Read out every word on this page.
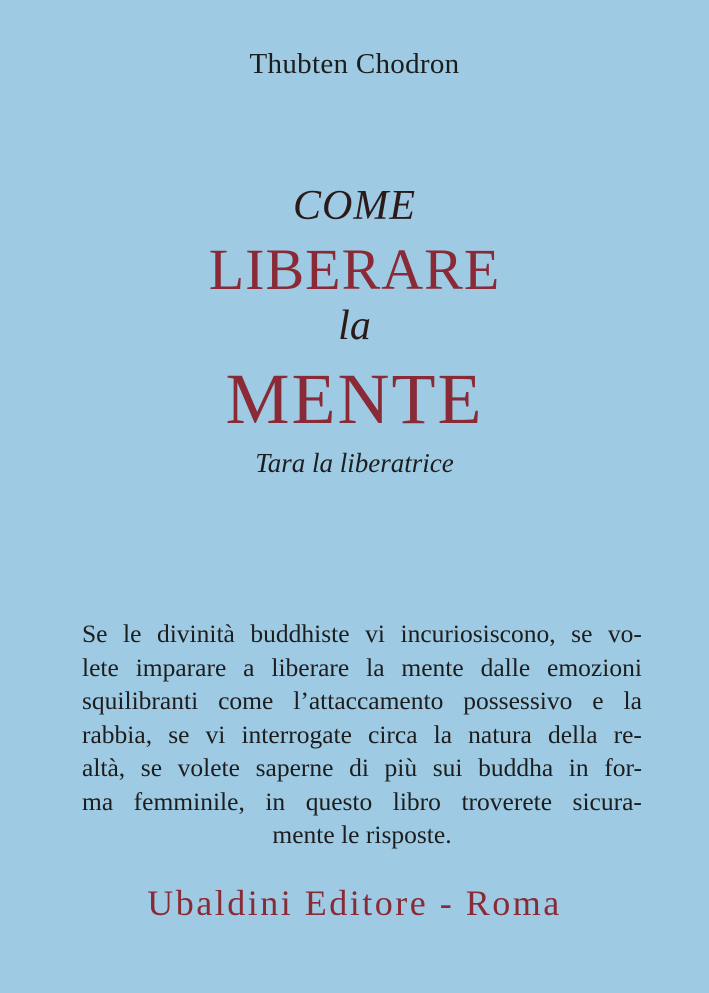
Thubten Chodron
COME
LIBERARE
la
MENTE
Tara la liberatrice
Se le divinità buddhiste vi incuriosiscono, se vo-
lete imparare a liberare la mente dalle emozioni
squilibranti come l’attaccamento possessivo e la
rabbia, se vi interrogate circa la natura della re-
altà, se volete saperne di più sui buddha in for-
ma femminile, in questo libro troverete sicura-
mente le risposte.
Ubaldini Editore - Roma
